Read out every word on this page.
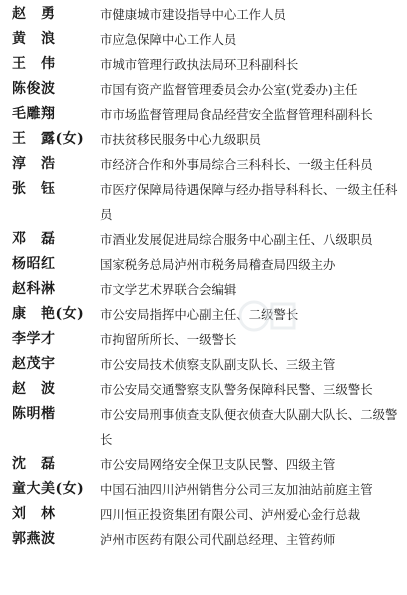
赵　勇	市健康城市建设指导中心工作人员
黄　浪	市应急保障中心工作人员
王　伟	市城市管理行政执法局环卫科副科长
陈俊波	市国有资产监督管理委员会办公室(党委办)主任
毛雕翔	市市场监督管理局食品经营安全监督管理科副科长
王　露(女)	市扶贫移民服务中心九级职员
淳　浩	市经济合作和外事局综合三科科长、一级主任科员
张　钰	市医疗保障局待遇保障与经办指导科科长、一级主任科员
邓　磊	市酒业发展促进局综合服务中心副主任、八级职员
杨昭红	国家税务总局泸州市税务局稽查局四级主办
赵科淋	市文学艺术界联合会编辑
康　艳(女)	市公安局指挥中心副主任、二级警长
李学才	市拘留所所长、一级警长
赵茂宇	市公安局技术侦察支队副支队长、三级主管
赵　波	市公安局交通警察支队警务保障科民警、三级警长
陈明楷	市公安局刑事侦查支队便衣侦查大队副大队长、二级警长
沈　磊	市公安局网络安全保卫支队民警、四级主管
童大美(女)	中国石油四川泸州销售分公司三友加油站前庭主管
刘　林	四川恒正投资集团有限公司、泸州爱心金行总裁
郭燕波	泸州市医药有限公司代副总经理、主管药师
